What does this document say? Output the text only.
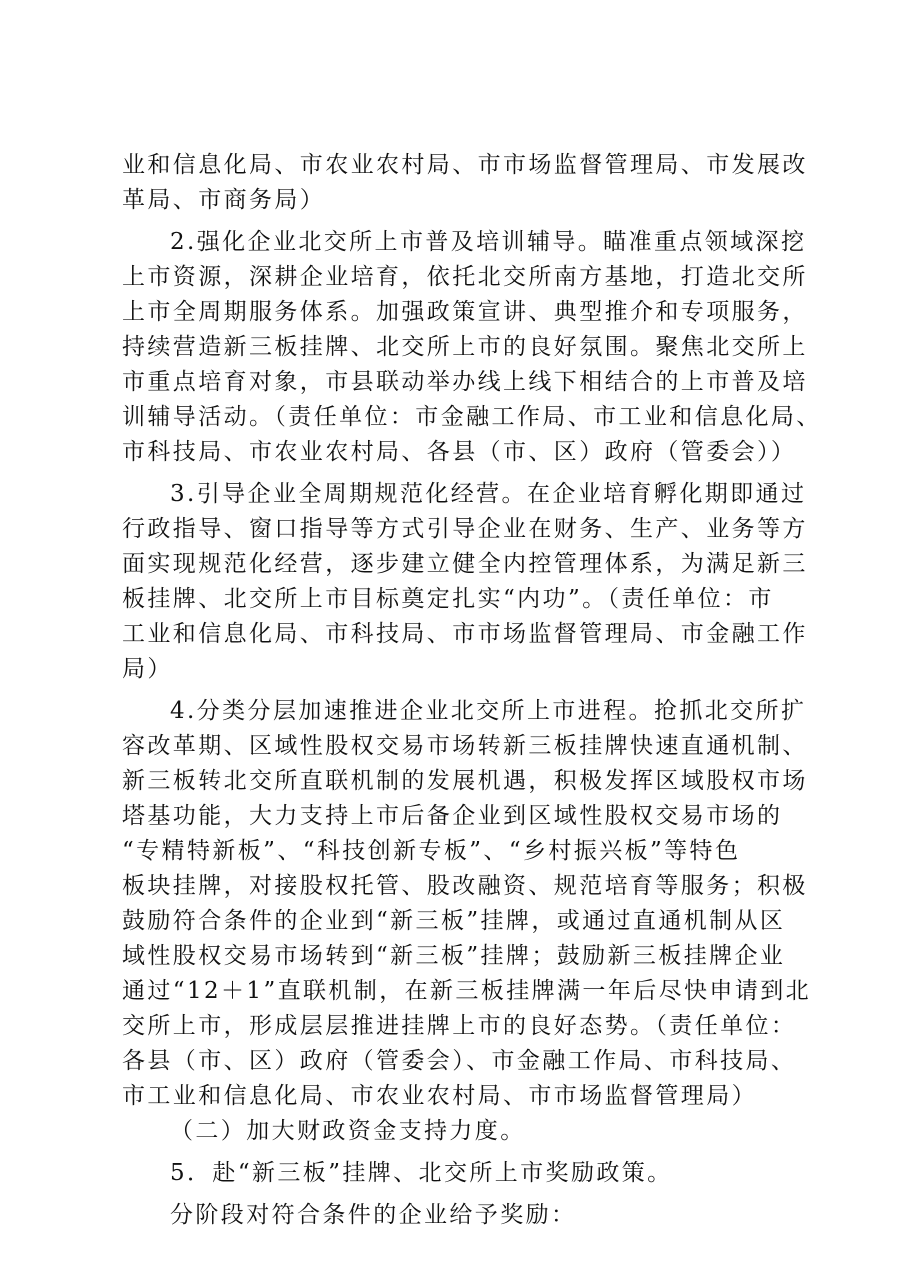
业和信息化局、市农业农村局、市市场监督管理局、市发展改
革局、市商务局）
2.强化企业北交所上市普及培训辅导。瞄准重点领域深挖
上市资源，深耕企业培育，依托北交所南方基地，打造北交所
上市全周期服务体系。加强政策宣讲、典型推介和专项服务，
持续营造新三板挂牌、北交所上市的良好氛围。聚焦北交所上
市重点培育对象，市县联动举办线上线下相结合的上市普及培
训辅导活动。（责任单位：市金融工作局、市工业和信息化局、
市科技局、市农业农村局、各县（市、区）政府（管委会））
3.引导企业全周期规范化经营。在企业培育孵化期即通过
行政指导、窗口指导等方式引导企业在财务、生产、业务等方
面实现规范化经营，逐步建立健全内控管理体系，为满足新三
板挂牌、北交所上市目标奠定扎实“内功”。（责任单位：市
工业和信息化局、市科技局、市市场监督管理局、市金融工作
局）
4.分类分层加速推进企业北交所上市进程。抢抓北交所扩
容改革期、区域性股权交易市场转新三板挂牌快速直通机制、
新三板转北交所直联机制的发展机遇，积极发挥区域股权市场
塔基功能，大力支持上市后备企业到区域性股权交易市场的
“专精特新板”、“科技创新专板”、“乡村振兴板”等特色
板块挂牌，对接股权托管、股改融资、规范培育等服务；积极
鼓励符合条件的企业到“新三板”挂牌，或通过直通机制从区
域性股权交易市场转到“新三板”挂牌；鼓励新三板挂牌企业
通过“12＋1”直联机制，在新三板挂牌满一年后尽快申请到北
交所上市，形成层层推进挂牌上市的良好态势。（责任单位：
各县（市、区）政府（管委会）、市金融工作局、市科技局、
市工业和信息化局、市农业农村局、市市场监督管理局）
（二）加大财政资金支持力度。
5．赴“新三板”挂牌、北交所上市奖励政策。
分阶段对符合条件的企业给予奖励：
